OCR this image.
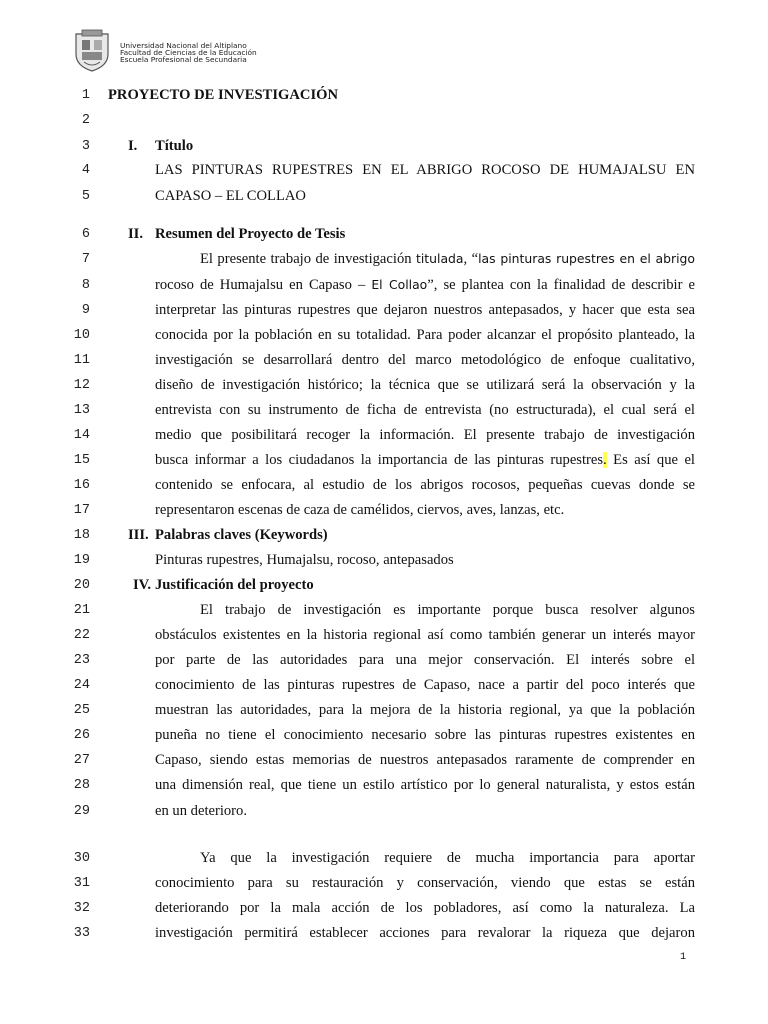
Universidad Nacional del Altiplano
Facultad de Ciencias de la Educación
Escuela Profesional de Secundaria
1
2
3
4
5
6
7
8
9
10
11
12
13
14
15
16
17
18
19
20
21
22
23
24
25
26
27
28
29
30
31
32
33
PROYECTO DE INVESTIGACIÓN
I. Título
LAS PINTURAS RUPESTRES EN EL ABRIGO ROCOSO DE HUMAJALSU EN
CAPASO – EL COLLAO
II. Resumen del Proyecto de Tesis
El presente trabajo de investigación titulada, “las pinturas rupestres en el abrigo
rocoso de Humajalsu en Capaso – El Collao”, se plantea con la finalidad de describir e
interpretar las pinturas rupestres que dejaron nuestros antepasados, y hacer que esta sea
conocida por la población en su totalidad. Para poder alcanzar el propósito planteado, la
investigación se desarrollará dentro del marco metodológico de enfoque cualitativo,
diseño de investigación histórico; la técnica que se utilizará será la observación y la
entrevista con su instrumento de ficha de entrevista (no estructurada), el cual será el
medio que posibilitará recoger la información. El presente trabajo de investigación
busca informar a los ciudadanos la importancia de las pinturas rupestres. Es así que el
contenido se enfocara, al estudio de los abrigos rocosos, pequeñas cuevas donde se
representaron escenas de caza de camélidos, ciervos, aves, lanzas, etc.
III. Palabras claves (Keywords)
Pinturas rupestres, Humajalsu, rocoso, antepasados
IV. Justificación del proyecto
El trabajo de investigación es importante porque busca resolver algunos
obstáculos existentes en la historia regional así como también generar un interés mayor
por parte de las autoridades para una mejor conservación. El interés sobre el
conocimiento de las pinturas rupestres de Capaso, nace a partir del poco interés que
muestran las autoridades, para la mejora de la historia regional, ya que la población
puneña no tiene el conocimiento necesario sobre las pinturas rupestres existentes en
Capaso, siendo estas memorias de nuestros antepasados raramente de comprender en
una dimensión real, que tiene un estilo artístico por lo general naturalista, y estos están
en un deterioro.
Ya que la investigación requiere de mucha importancia para aportar
conocimiento para su restauración y conservación, viendo que estas se están
deteriorando por la mala acción de los pobladores, así como la naturaleza. La
investigación permitirá establecer acciones para revalorar la riqueza que dejaron
1
